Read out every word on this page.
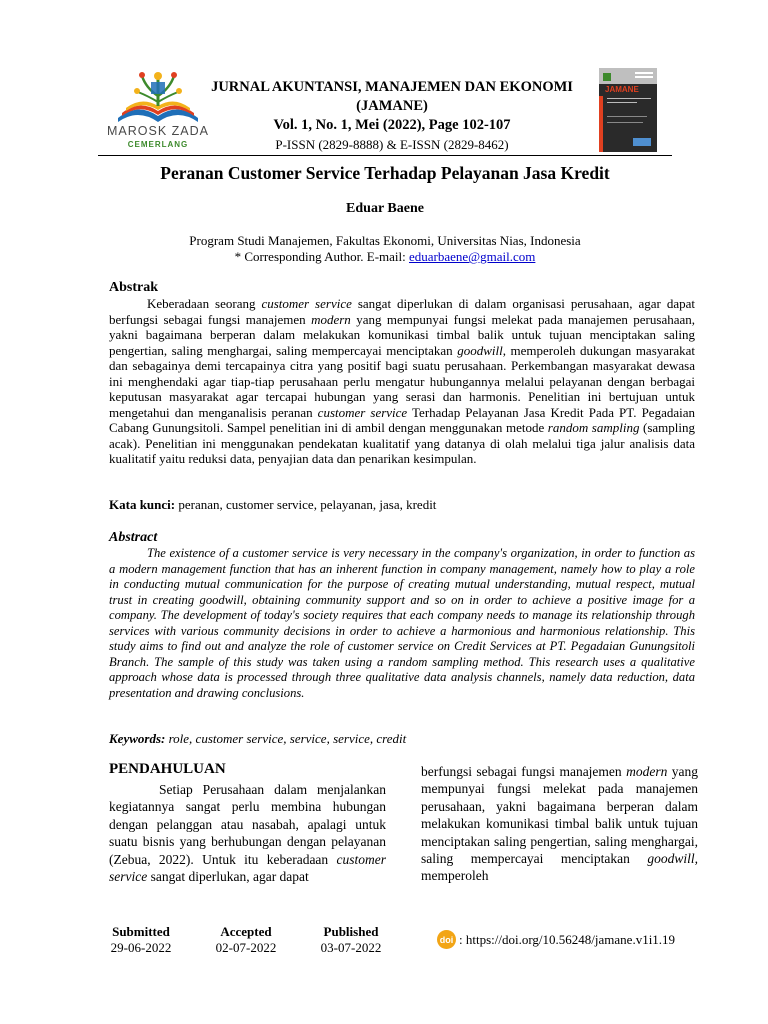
MAROSK ZADA
CEMERLANG
JURNAL AKUNTANSI, MANAJEMEN DAN EKONOMI
(JAMANE)
Vol. 1, No. 1, Mei (2022), Page 102-107
P-ISSN (2829-8888) & E-ISSN (2829-8462)
JAMANE
Peranan Customer Service Terhadap Pelayanan Jasa Kredit
Eduar Baene
Program Studi Manajemen, Fakultas Ekonomi, Universitas Nias, Indonesia
* Corresponding Author. E-mail: eduarbaene@gmail.com
Abstrak
Keberadaan seorang customer service sangat diperlukan di dalam organisasi perusahaan, agar dapat berfungsi sebagai fungsi manajemen modern yang mempunyai fungsi melekat pada manajemen perusahaan, yakni bagaimana berperan dalam melakukan komunikasi timbal balik untuk tujuan menciptakan saling pengertian, saling menghargai, saling mempercayai menciptakan goodwill, memperoleh dukungan masyarakat dan sebagainya demi tercapainya citra yang positif bagi suatu perusahaan. Perkembangan masyarakat dewasa ini menghendaki agar tiap-tiap perusahaan perlu mengatur hubungannya melalui pelayanan dengan berbagai keputusan masyarakat agar tercapai hubungan yang serasi dan harmonis. Penelitian ini bertujuan untuk mengetahui dan menganalisis peranan customer service Terhadap Pelayanan Jasa Kredit Pada PT. Pegadaian Cabang Gunungsitoli. Sampel penelitian ini di ambil dengan menggunakan metode random sampling (sampling acak). Penelitian ini menggunakan pendekatan kualitatif yang datanya di olah melalui tiga jalur analisis data kualitatif yaitu reduksi data, penyajian data dan penarikan kesimpulan.
Kata kunci: peranan, customer service, pelayanan, jasa, kredit
Abstract
The existence of a customer service is very necessary in the company's organization, in order to function as a modern management function that has an inherent function in company management, namely how to play a role in conducting mutual communication for the purpose of creating mutual understanding, mutual respect, mutual trust in creating goodwill, obtaining community support and so on in order to achieve a positive image for a company. The development of today's society requires that each company needs to manage its relationship through services with various community decisions in order to achieve a harmonious and harmonious relationship. This study aims to find out and analyze the role of customer service on Credit Services at PT. Pegadaian Gunungsitoli Branch. The sample of this study was taken using a random sampling method. This research uses a qualitative approach whose data is processed through three qualitative data analysis channels, namely data reduction, data presentation and drawing conclusions.
Keywords: role, customer service, service, service, credit
PENDAHULUAN
Setiap Perusahaan dalam menjalankan kegiatannya sangat perlu membina hubungan dengan pelanggan atau nasabah, apalagi untuk suatu bisnis yang berhubungan dengan pelayanan (Zebua, 2022). Untuk itu keberadaan customer service sangat diperlukan, agar dapat
berfungsi sebagai fungsi manajemen modern yang mempunyai fungsi melekat pada manajemen perusahaan, yakni bagaimana berperan dalam melakukan komunikasi timbal balik untuk tujuan menciptakan saling pengertian, saling menghargai, saling mempercayai menciptakan goodwill, memperoleh
Submitted
29-06-2022
Accepted
02-07-2022
Published
03-07-2022
doi : https://doi.org/10.56248/jamane.v1i1.19
